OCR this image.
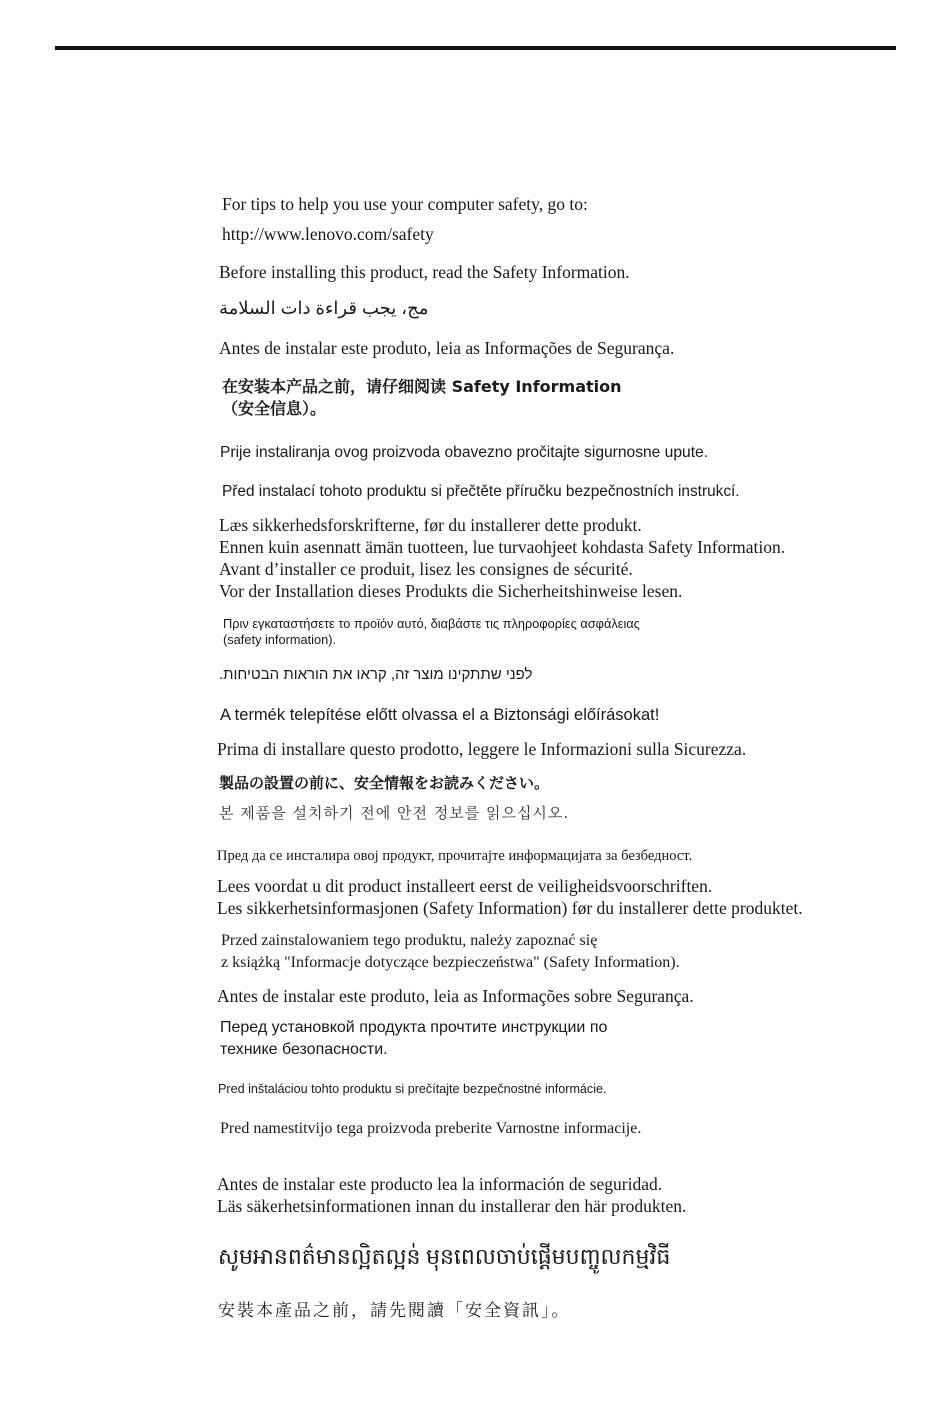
For tips to help you use your computer safety, go to:
http://www.lenovo.com/safety
Before installing this product, read the Safety Information.
مج، يجب قراءة دات السلامة
Antes de instalar este produto, leia as Informações de Segurança.
在安装本产品之前，请仔细阅读 Safety Information
（安全信息）。
Prije instaliranja ovog proizvoda obavezno pročitajte sigurnosne upute.
Před instalací tohoto produktu si přečtěte příručku bezpečnostních instrukcí.
Læs sikkerhedsforskrifterne, før du installerer dette produkt.
Ennen kuin asennatt ämän tuotteen, lue turvaohjeet kohdasta Safety Information.
Avant d’installer ce produit, lisez les consignes de sécurité.
Vor der Installation dieses Produkts die Sicherheitshinweise lesen.
Πριν εγκαταστήσετε το προϊόν αυτό, διαβάστε τις πληροφορίες ασφάλειας
(safety information).
לפני שתתקינו מוצר זה, קראו את הוראות הבטיחות.
A termék telepítése előtt olvassa el a Biztonsági előírásokat!
Prima di installare questo prodotto, leggere le Informazioni sulla Sicurezza.
製品の設置の前に、安全情報をお読みください。
본 제품을 설치하기 전에 안전 정보를 읽으십시오.
Пред да се инсталира овој продукт, прочитајте информацијата за безбедност.
Lees voordat u dit product installeert eerst de veiligheidsvoorschriften.
Les sikkerhetsinformasjonen (Safety Information) før du installerer dette produktet.
Przed zainstalowaniem tego produktu, należy zapoznać się
z książką "Informacje dotyczące bezpieczeństwa" (Safety Information).
Antes de instalar este produto, leia as Informações sobre Segurança.
Перед установкой продукта прочтите инструкции по
технике безопасности.
Pred inštaláciou tohto produktu si prečítajte bezpečnostné informácie.
Pred namestitvijo tega proizvoda preberite Varnostne informacije.
Antes de instalar este producto lea la información de seguridad.
Läs säkerhetsinformationen innan du installerar den här produkten.
សូមអានពត៌មានល្អិតល្អន់ មុនពេលចាប់ផ្ដើមបញ្ចូលកម្មវិធី
安裝本產品之前，請先閱讀「安全資訊」。
